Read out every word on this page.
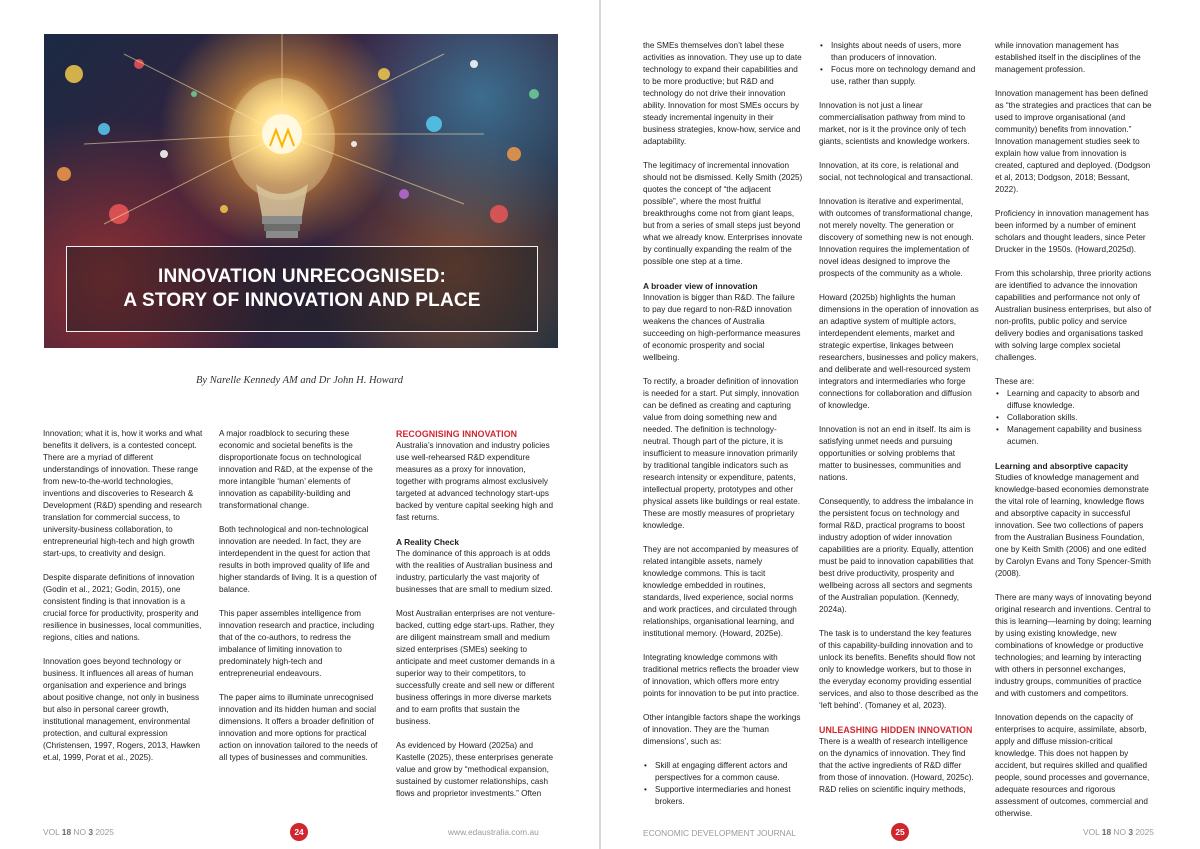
INNOVATION UNRECOGNISED:

A STORY OF INNOVATION AND PLACE

By Narelle Kennedy AM and Dr John H. Howard

Innovation; what it is, how it works and what benefits it delivers, is a contested concept. There are a myriad of different understandings of innovation. These range from new-to-the-world technologies, inventions and discoveries to Research & Development (R&D) spending and research translation for commercial success, to university-business collaboration, to entrepreneurial high-tech and high growth start-ups, to creativity and design.

Despite disparate definitions of innovation (Godin et al., 2021; Godin, 2015), one consistent finding is that innovation is a crucial force for productivity, prosperity and resilience in businesses, local communities, regions, cities and nations.

Innovation goes beyond technology or business. It influences all areas of human organisation and experience and brings about positive change, not only in business but also in personal career growth, institutional management, environmental protection, and cultural expression (Christensen, 1997, Rogers, 2013, Hawken et.al, 1999, Porat et al., 2025).

A major roadblock to securing these economic and societal benefits is the disproportionate focus on technological innovation and R&D, at the expense of the more intangible ‘human’ elements of innovation as capability-building and transformational change.

Both technological and non-technological innovation are needed. In fact, they are interdependent in the quest for action that results in both improved quality of life and higher standards of living. It is a question of balance.

This paper assembles intelligence from innovation research and practice, including that of the co-authors, to redress the imbalance of limiting innovation to predominately high-tech and entrepreneurial endeavours.

The paper aims to illuminate unrecognised innovation and its hidden human and social dimensions. It offers a broader definition of innovation and more options for practical action on innovation tailored to the needs of all types of businesses and communities.

RECOGNISING INNOVATION

Australia’s innovation and industry policies use well-rehearsed R&D expenditure measures as a proxy for innovation, together with programs almost exclusively targeted at advanced technology start-ups backed by venture capital seeking high and fast returns.

A Reality Check

The dominance of this approach is at odds with the realities of Australian business and industry, particularly the vast majority of businesses that are small to medium sized.

Most Australian enterprises are not venture-backed, cutting edge start-ups. Rather, they are diligent mainstream small and medium sized enterprises (SMEs) seeking to anticipate and meet customer demands in a superior way to their competitors, to successfully create and sell new or different business offerings in more diverse markets and to earn profits that sustain the business.

As evidenced by Howard (2025a) and Kastelle (2025), these enterprises generate value and grow by “methodical expansion, sustained by customer relationships, cash flows and proprietor investments.” Often

VOL 18 NO 3 2025	24	www.edaustralia.com.au

the SMEs themselves don’t label these activities as innovation. They use up to date technology to expand their capabilities and to be more productive; but R&D and technology do not drive their innovation ability. Innovation for most SMEs occurs by steady incremental ingenuity in their business strategies, know-how, service and adaptability.

The legitimacy of incremental innovation should not be dismissed. Kelly Smith (2025) quotes the concept of “the adjacent possible”, where the most fruitful breakthroughs come not from giant leaps, but from a series of small steps just beyond what we already know. Enterprises innovate by continually expanding the realm of the possible one step at a time.

A broader view of innovation

Innovation is bigger than R&D. The failure to pay due regard to non-R&D innovation weakens the chances of Australia succeeding on high-performance measures of economic prosperity and social wellbeing.

To rectify, a broader definition of innovation is needed for a start. Put simply, innovation can be defined as creating and capturing value from doing something new and needed. The definition is technology-neutral. Though part of the picture, it is insufficient to measure innovation primarily by traditional tangible indicators such as research intensity or expenditure, patents, intellectual property, prototypes and other physical assets like buildings or real estate. These are mostly measures of proprietary knowledge.

They are not accompanied by measures of related intangible assets, namely knowledge commons. This is tacit knowledge embedded in routines, standards, lived experience, social norms and work practices, and circulated through relationships, organisational learning, and institutional memory. (Howard, 2025e).

Integrating knowledge commons with traditional metrics reflects the broader view of innovation, which offers more entry points for innovation to be put into practice.

Other intangible factors shape the workings of innovation. They are the ‘human dimensions’, such as:

• Skill at engaging different actors and perspectives for a common cause.
• Supportive intermediaries and honest brokers.
• Insights about needs of users, more than producers of innovation.
• Focus more on technology demand and use, rather than supply.

Innovation is not just a linear commercialisation pathway from mind to market, nor is it the province only of tech giants, scientists and knowledge workers.

Innovation, at its core, is relational and social, not technological and transactional.

Innovation is iterative and experimental, with outcomes of transformational change, not merely novelty. The generation or discovery of something new is not enough. Innovation requires the implementation of novel ideas designed to improve the prospects of the community as a whole.

Howard (2025b) highlights the human dimensions in the operation of innovation as an adaptive system of multiple actors, interdependent elements, market and strategic expertise, linkages between researchers, businesses and policy makers, and deliberate and well-resourced system integrators and intermediaries who forge connections for collaboration and diffusion of knowledge.

Innovation is not an end in itself. Its aim is satisfying unmet needs and pursuing opportunities or solving problems that matter to businesses, communities and nations.

Consequently, to address the imbalance in the persistent focus on technology and formal R&D, practical programs to boost industry adoption of wider innovation capabilities are a priority. Equally, attention must be paid to innovation capabilities that best drive productivity, prosperity and wellbeing across all sectors and segments of the Australian population. (Kennedy, 2024a).

The task is to understand the key features of this capability-building innovation and to unlock its benefits. Benefits should flow not only to knowledge workers, but to those in the everyday economy providing essential services, and also to those described as the ‘left behind’. (Tomaney et al, 2023).

UNLEASHING HIDDEN INNOVATION

There is a wealth of research intelligence on the dynamics of innovation. They find that the active ingredients of R&D differ from those of innovation. (Howard, 2025c). R&D relies on scientific inquiry methods,

while innovation management has established itself in the disciplines of the management profession.

Innovation management has been defined as “the strategies and practices that can be used to improve organisational (and community) benefits from innovation.” Innovation management studies seek to explain how value from innovation is created, captured and deployed. (Dodgson et al, 2013; Dodgson, 2018; Bessant, 2022).

Proficiency in innovation management has been informed by a number of eminent scholars and thought leaders, since Peter Drucker in the 1950s. (Howard,2025d).

From this scholarship, three priority actions are identified to advance the innovation capabilities and performance not only of Australian business enterprises, but also of non-profits, public policy and service delivery bodies and organisations tasked with solving large complex societal challenges.

These are:

• Learning and capacity to absorb and diffuse knowledge.
• Collaboration skills.
• Management capability and business acumen.
Learning and absorptive capacity

Studies of knowledge management and knowledge-based economies demonstrate the vital role of learning, knowledge flows and absorptive capacity in successful innovation. See two collections of papers from the Australian Business Foundation, one by Keith Smith (2006) and one edited by Carolyn Evans and Tony Spencer-Smith (2008).

There are many ways of innovating beyond original research and inventions. Central to this is learning—learning by doing; learning by using existing knowledge, new combinations of knowledge or productive technologies; and learning by interacting with others in personnel exchanges, industry groups, communities of practice and with customers and competitors.

Innovation depends on the capacity of enterprises to acquire, assimilate, absorb, apply and diffuse mission-critical knowledge. This does not happen by accident, but requires skilled and qualified people, sound processes and governance, adequate resources and rigorous assessment of outcomes, commercial and otherwise.

ECONOMIC DEVELOPMENT JOURNAL	25	VOL 18 NO 3 2025
